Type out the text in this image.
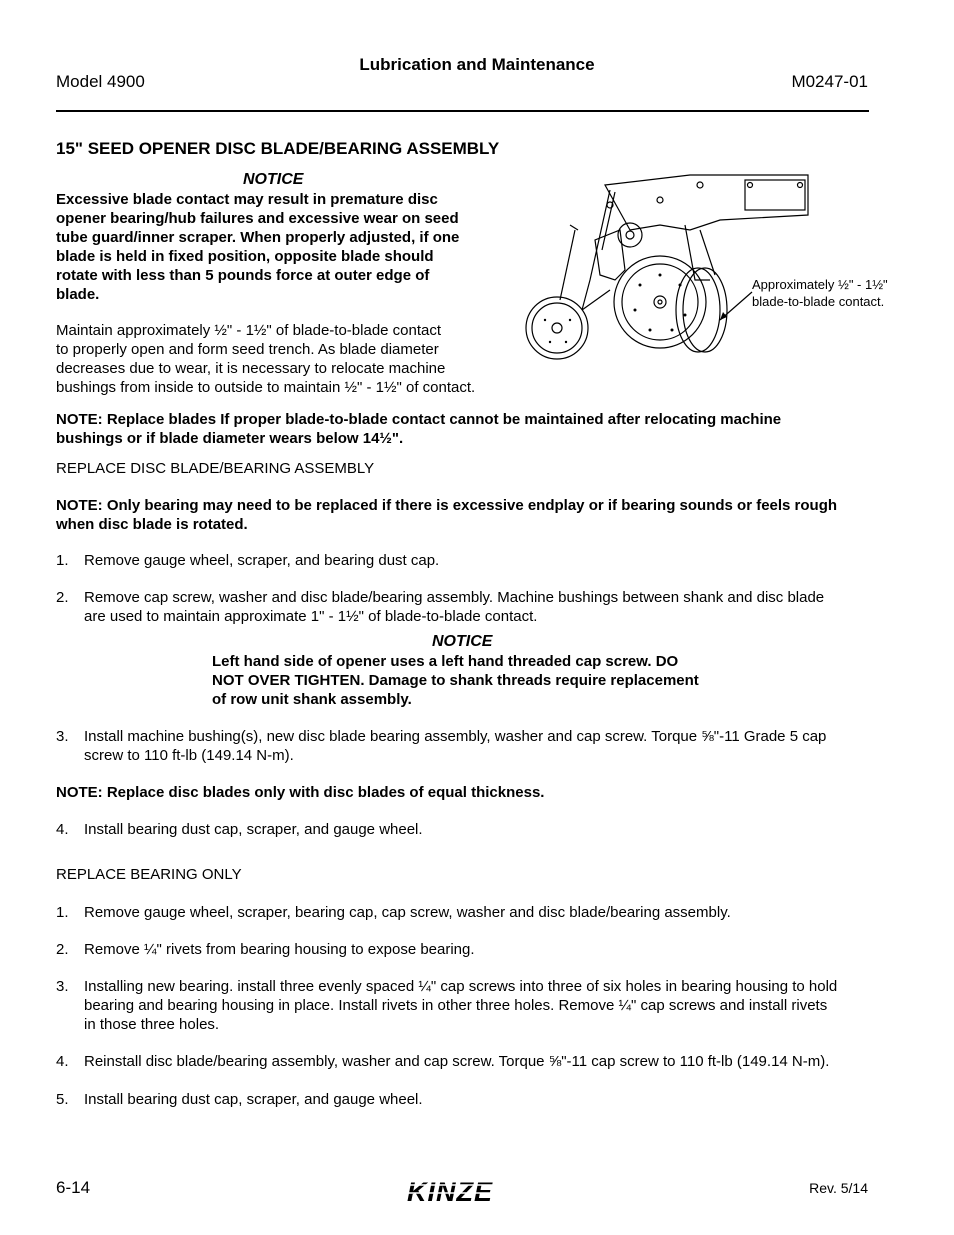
Lubrication and Maintenance
Model 4900	M0247-01
15" SEED OPENER DISC BLADE/BEARING ASSEMBLY
NOTICE
Excessive blade contact may result in premature disc
opener bearing/hub failures and excessive wear on seed
tube guard/inner scraper. When properly adjusted, if one
blade is held in fixed position, opposite blade should
rotate with less than 5 pounds force at outer edge of
blade.
Maintain approximately ½" - 1½" of blade-to-blade contact
to properly open and form seed trench. As blade diameter
decreases due to wear, it is necessary to relocate machine
bushings from inside to outside to maintain ½" - 1½" of contact.
Approximately ½" - 1½"
blade-to-blade contact.
NOTE: Replace blades If proper blade-to-blade contact cannot be maintained after relocating machine
bushings or if blade diameter wears below 14½".
REPLACE DISC BLADE/BEARING ASSEMBLY
NOTE: Only bearing may need to be replaced if there is excessive endplay or if bearing sounds or feels rough
when disc blade is rotated.
1. Remove gauge wheel, scraper, and bearing dust cap.
2. Remove cap screw, washer and disc blade/bearing assembly. Machine bushings between shank and disc blade
are used to maintain approximate 1" - 1½" of blade-to-blade contact.
NOTICE
Left hand side of opener uses a left hand threaded cap screw. DO
NOT OVER TIGHTEN. Damage to shank threads require replacement
of row unit shank assembly.
3. Install machine bushing(s), new disc blade bearing assembly, washer and cap screw. Torque ⅝"-11 Grade 5 cap
screw to 110 ft-lb (149.14 N-m).
NOTE: Replace disc blades only with disc blades of equal thickness.
4. Install bearing dust cap, scraper, and gauge wheel.
REPLACE BEARING ONLY
1. Remove gauge wheel, scraper, bearing cap, cap screw, washer and disc blade/bearing assembly.
2. Remove ¼" rivets from bearing housing to expose bearing.
3. Installing new bearing. install three evenly spaced ¼" cap screws into three of six holes in bearing housing to hold
bearing and bearing housing in place. Install rivets in other three holes. Remove ¼" cap screws and install rivets
in those three holes.
4. Reinstall disc blade/bearing assembly, washer and cap screw. Torque ⅝"-11 cap screw to 110 ft-lb (149.14 N-m).
5. Install bearing dust cap, scraper, and gauge wheel.
6-14	KINZE	Rev. 5/14
